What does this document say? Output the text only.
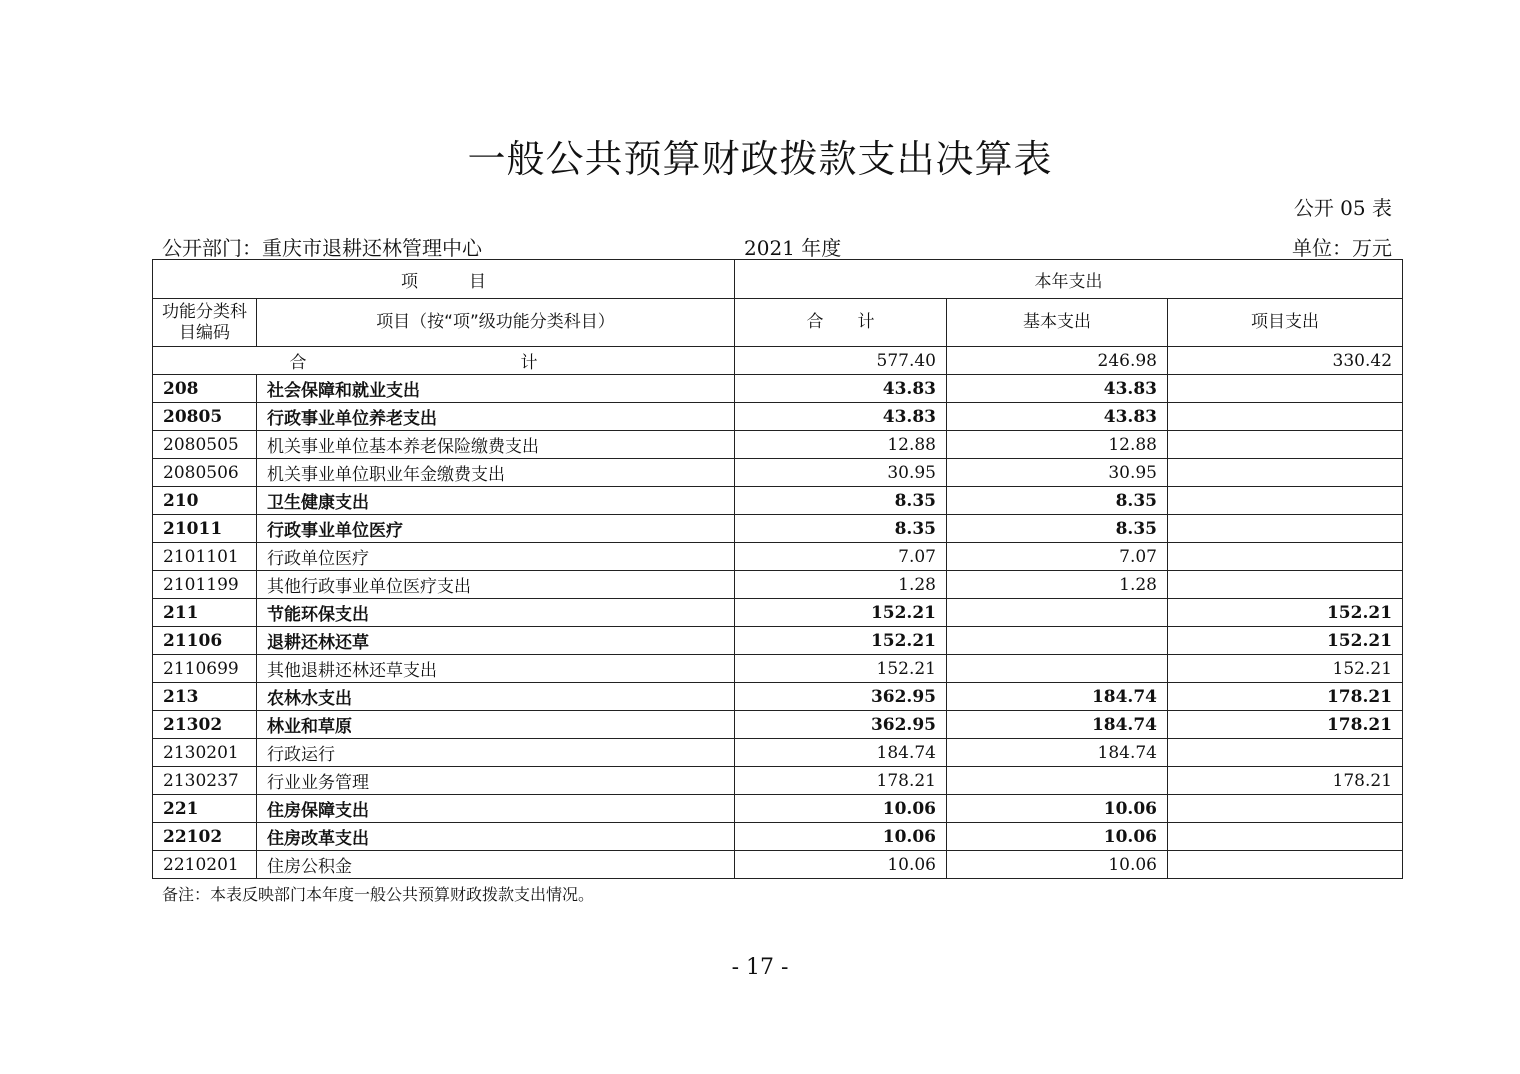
一般公共预算财政拨款支出决算表
公开 05 表
公开部门：重庆市退耕还林管理中心	2021 年度	单位：万元
项　　　目		本年支出		
功能分类科目编码	项目（按“项”级功能分类科目）	合　　计	基本支出	项目支出
合　　计		577.40	246.98	330.42
208	社会保障和就业支出	43.83	43.83	
20805	行政事业单位养老支出	43.83	43.83	
2080505	机关事业单位基本养老保险缴费支出	12.88	12.88	
2080506	机关事业单位职业年金缴费支出	30.95	30.95	
210	卫生健康支出	8.35	8.35	
21011	行政事业单位医疗	8.35	8.35	
2101101	行政单位医疗	7.07	7.07	
2101199	其他行政事业单位医疗支出	1.28	1.28	
211	节能环保支出	152.21		152.21
21106	退耕还林还草	152.21		152.21
2110699	其他退耕还林还草支出	152.21		152.21
213	农林水支出	362.95	184.74	178.21
21302	林业和草原	362.95	184.74	178.21
2130201	行政运行	184.74	184.74	
2130237	行业业务管理	178.21		178.21
221	住房保障支出	10.06	10.06	
22102	住房改革支出	10.06	10.06	
2210201	住房公积金	10.06	10.06	
备注：本表反映部门本年度一般公共预算财政拨款支出情况。
- 17 -
